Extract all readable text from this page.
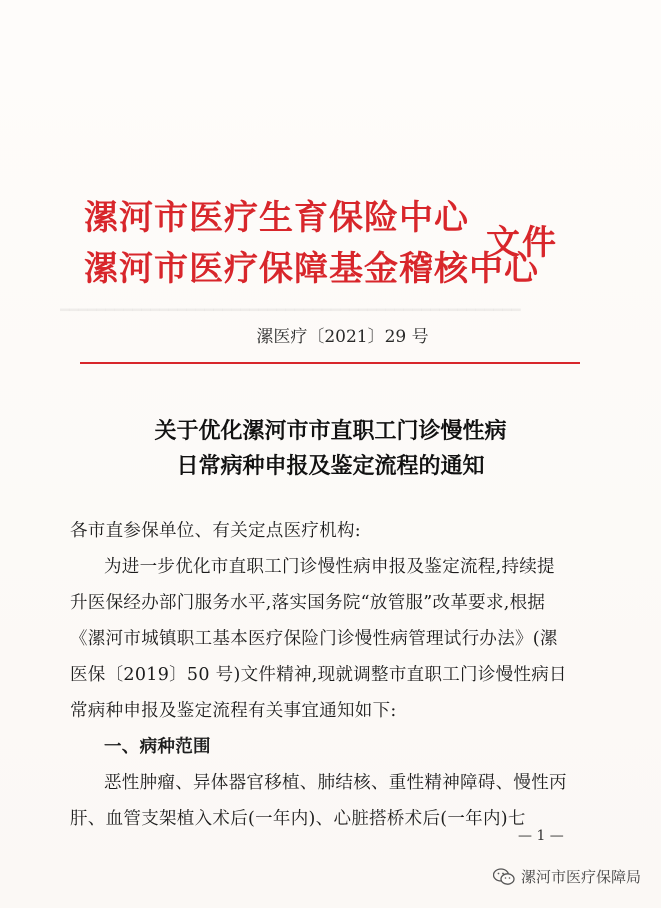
━━━━━━━━━━━━━━━━━━━━━━━━━━━━━━━━━━━━━━━━━━━━━━━━━━━
漯河市医疗生育保险中心
漯河市医疗保障基金稽核中心
文件
漯医疗〔2021〕29 号
关于优化漯河市市直职工门诊慢性病
日常病种申报及鉴定流程的通知
各市直参保单位、有关定点医疗机构:
为进一步优化市直职工门诊慢性病申报及鉴定流程,持续提
升医保经办部门服务水平,落实国务院“放管服”改革要求,根据
《漯河市城镇职工基本医疗保险门诊慢性病管理试行办法》(漯
医保〔2019〕50 号)文件精神,现就调整市直职工门诊慢性病日
常病种申报及鉴定流程有关事宜通知如下:
一、病种范围
恶性肿瘤、异体器官移植、肺结核、重性精神障碍、慢性丙
肝、血管支架植入术后(一年内)、心脏搭桥术后(一年内)七
— 1 —
漯河市医疗保障局
